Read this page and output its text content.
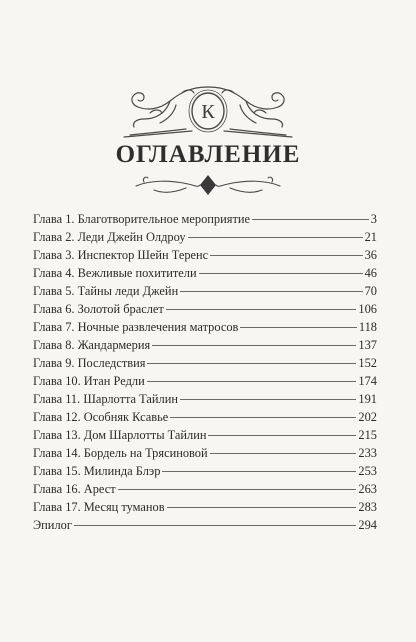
К
ОГЛАВЛЕНИЕ
Глава 1. Благотворительное мероприятие	3
Глава 2. Леди Джейн Олдроу	21
Глава 3. Инспектор Шейн Теренс	36
Глава 4. Вежливые похитители	46
Глава 5. Тайны леди Джейн	70
Глава 6. Золотой браслет	106
Глава 7. Ночные развлечения матросов	118
Глава 8. Жандармерия	137
Глава 9. Последствия	152
Глава 10. Итан Редли	174
Глава 11. Шарлотта Тайлин	191
Глава 12. Особняк Ксавье	202
Глава 13. Дом Шарлотты Тайлин	215
Глава 14. Бордель на Трясиновой	233
Глава 15. Милинда Блэр	253
Глава 16. Арест	263
Глава 17. Месяц туманов	283
Эпилог	294
